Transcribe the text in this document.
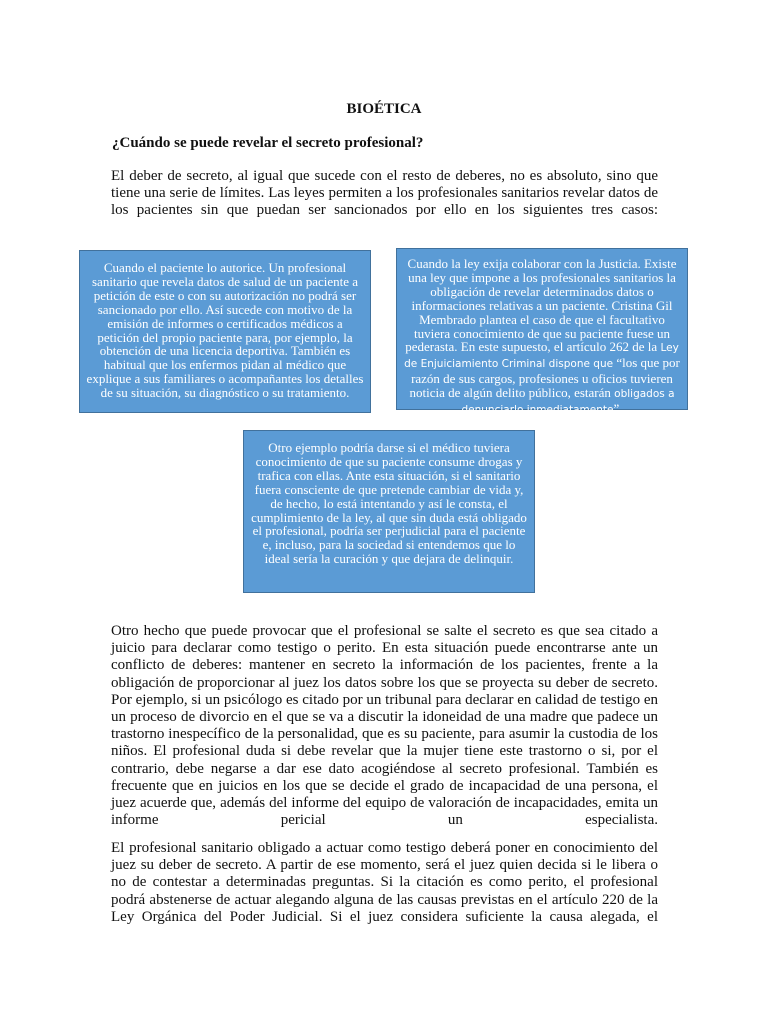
BIOÉTICA
¿Cuándo se puede revelar el secreto profesional?

El deber de secreto, al igual que sucede con el resto de deberes, no es absoluto, sino que tiene una serie de límites. Las leyes permiten a los profesionales sanitarios revelar datos de los pacientes sin que puedan ser sancionados por ello en los siguientes tres casos:

Cuando el paciente lo autorice. Un profesional sanitario que revela datos de salud de un paciente a petición de este o con su autorización no podrá ser sancionado por ello. Así sucede con motivo de la emisión de informes o certificados médicos a petición del propio paciente para, por ejemplo, la obtención de una licencia deportiva. También es habitual que los enfermos pidan al médico que explique a sus familiares o acompañantes los detalles de su situación, su diagnóstico o su tratamiento.
Cuando la ley exija colaborar con la Justicia. Existe una ley que impone a los profesionales sanitarios la obligación de revelar determinados datos o informaciones relativas a un paciente. Cristina Gil Membrado plantea el caso de que el facultativo tuviera conocimiento de que su paciente fuese un pederasta. En este supuesto, el artículo 262 de la Ley de Enjuiciamiento Criminal dispone que “los que por razón de sus cargos, profesiones u oficios tuvieren noticia de algún delito público, estarán obligados a denunciarlo inmediatamente”.
Otro ejemplo podría darse si el médico tuviera conocimiento de que su paciente consume drogas y trafica con ellas. Ante esta situación, si el sanitario fuera consciente de que pretende cambiar de vida y, de hecho, lo está intentando y así le consta, el cumplimiento de la ley, al que sin duda está obligado el profesional, podría ser perjudicial para el paciente e, incluso, para la sociedad si entendemos que lo ideal sería la curación y que dejara de delinquir.

Otro hecho que puede provocar que el profesional se salte el secreto es que sea citado a juicio para declarar como testigo o perito. En esta situación puede encontrarse ante un conflicto de deberes: mantener en secreto la información de los pacientes, frente a la obligación de proporcionar al juez los datos sobre los que se proyecta su deber de secreto. Por ejemplo, si un psicólogo es citado por un tribunal para declarar en calidad de testigo en un proceso de divorcio en el que se va a discutir la idoneidad de una madre que padece un trastorno inespecífico de la personalidad, que es su paciente, para asumir la custodia de los niños. El profesional duda si debe revelar que la mujer tiene este trastorno o si, por el contrario, debe negarse a dar ese dato acogiéndose al secreto profesional. También es frecuente que en juicios en los que se decide el grado de incapacidad de una persona, el juez acuerde que, además del informe del equipo de valoración de incapacidades, emita un informe pericial un especialista.

El profesional sanitario obligado a actuar como testigo deberá poner en conocimiento del juez su deber de secreto. A partir de ese momento, será el juez quien decida si le libera o no de contestar a determinadas preguntas. Si la citación es como perito, el profesional podrá abstenerse de actuar alegando alguna de las causas previstas en el artículo 220 de la Ley Orgánica del Poder Judicial. Si el juez considera suficiente la causa alegada, el
